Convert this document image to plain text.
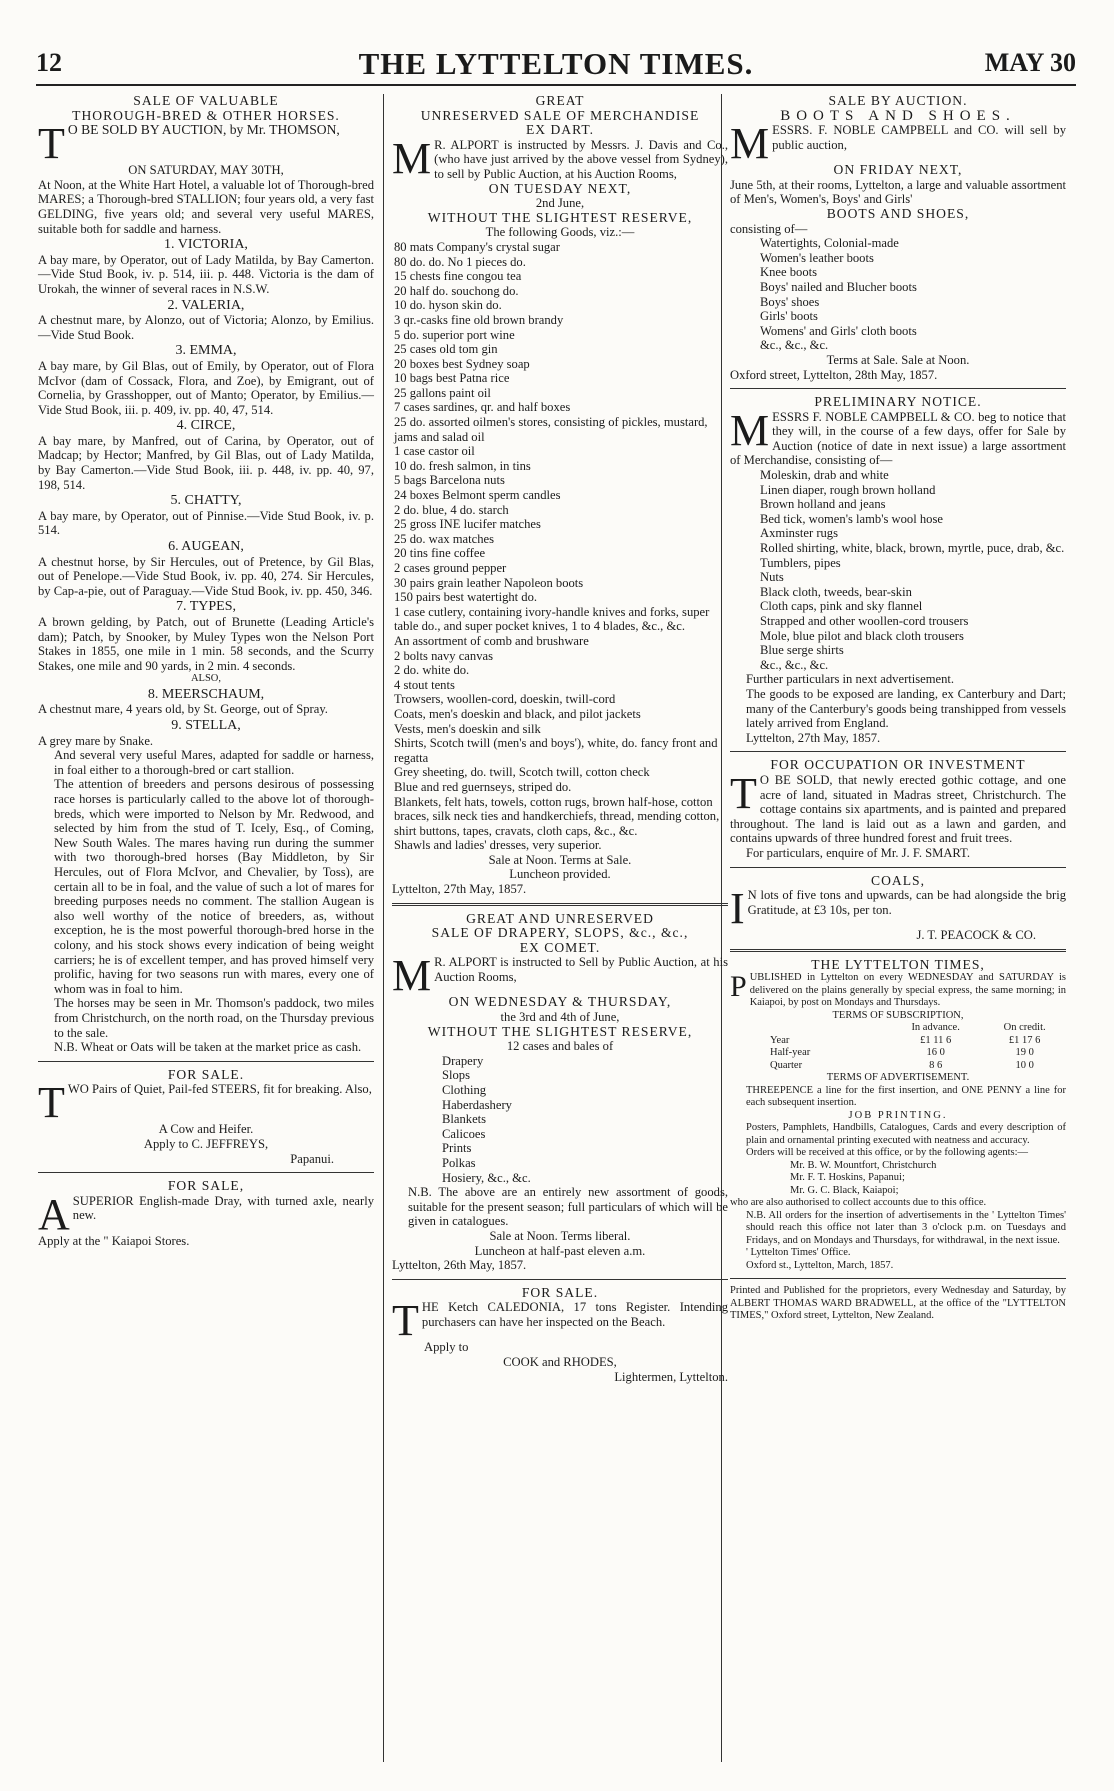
12	THE LYTTELTON TIMES.	MAY 30
SALE OF VALUABLE
THOROUGH-BRED & OTHER HORSES.

T O BE SOLD BY AUCTION, by Mr. THOMSON,

ON SATURDAY, MAY 30TH,

At Noon, at the White Hart Hotel, a valuable lot of Thorough-bred MARES; a Thorough-bred STALLION; four years old, a very fast GELDING, five years old; and several very useful MARES, suitable both for saddle and harness.

1. VICTORIA,

A bay mare, by Operator, out of Lady Matilda, by Bay Camerton.—Vide Stud Book, iv. p. 514, iii. p. 448. Victoria is the dam of Urokah, the winner of several races in N.S.W.

2. VALERIA,

A chestnut mare, by Alonzo, out of Victoria; Alonzo, by Emilius.—Vide Stud Book.

3. EMMA,

A bay mare, by Gil Blas, out of Emily, by Operator, out of Flora McIvor (dam of Cossack, Flora, and Zoe), by Emigrant, out of Cornelia, by Grasshopper, out of Manto; Operator, by Emilius.—Vide Stud Book, iii. p. 409, iv. pp. 40, 47, 514.

4. CIRCE,

A bay mare, by Manfred, out of Carina, by Operator, out of Madcap; by Hector; Manfred, by Gil Blas, out of Lady Matilda, by Bay Camerton.—Vide Stud Book, iii. p. 448, iv. pp. 40, 97, 198, 514.

5. CHATTY,

A bay mare, by Operator, out of Pinnise.—Vide Stud Book, iv. p. 514.

6. AUGEAN,

A chestnut horse, by Sir Hercules, out of Pretence, by Gil Blas, out of Penelope.—Vide Stud Book, iv. pp. 40, 274. Sir Hercules, by Cap-a-pie, out of Paraguay.—Vide Stud Book, iv. pp. 450, 346.

7. TYPES,

A brown gelding, by Patch, out of Brunette (Leading Article's dam); Patch, by Snooker, by Muley Types won the Nelson Port Stakes in 1855, one mile in 1 min. 58 seconds, and the Scurry Stakes, one mile and 90 yards, in 2 min. 4 seconds.

ALSO,
8. MEERSCHAUM,

A chestnut mare, 4 years old, by St. George, out of Spray.

9. STELLA,

A grey mare by Snake.

And several very useful Mares, adapted for saddle or harness, in foal either to a thorough-bred or cart stallion.

The attention of breeders and persons desirous of possessing race horses is particularly called to the above lot of thorough-breds, which were imported to Nelson by Mr. Redwood, and selected by him from the stud of T. Icely, Esq., of Coming, New South Wales. The mares having run during the summer with two thorough-bred horses (Bay Middleton, by Sir Hercules, out of Flora McIvor, and Chevalier, by Toss), are certain all to be in foal, and the value of such a lot of mares for breeding purposes needs no comment. The stallion Augean is also well worthy of the notice of breeders, as, without exception, he is the most powerful thorough-bred horse in the colony, and his stock shows every indication of being weight carriers; he is of excellent temper, and has proved himself very prolific, having for two seasons run with mares, every one of whom was in foal to him.

The horses may be seen in Mr. Thomson's paddock, two miles from Christchurch, on the north road, on the Thursday previous to the sale.

N.B. Wheat or Oats will be taken at the market price as cash.

FOR SALE.

TWO Pairs of Quiet, Pail-fed STEERS, fit for breaking. Also,

A Cow and Heifer.
Apply to C. JEFFREYS,
Papanui.
FOR SALE,

ASUPERIOR English-made Dray, with turned axle, nearly new.

Apply at the " Kaiapoi Stores.
GREAT
UNRESERVED SALE OF MERCHANDISE
EX DART.

M R. ALPORT is instructed by Messrs. J. Davis and Co., (who have just arrived by the above vessel from Sydney), to sell by Public Auction, at his Auction Rooms,

ON TUESDAY NEXT,
2nd June,
WITHOUT THE SLIGHTEST RESERVE,
The following Goods, viz.:—
80 mats Company's crystal sugar
80 do. do. No 1 pieces do.
15 chests fine congou tea
20 half do. souchong do.
10 do. hyson skin do.
3 qr.-casks fine old brown brandy
5 do. superior port wine
25 cases old tom gin
20 boxes best Sydney soap
10 bags best Patna rice
25 gallons paint oil
7 cases sardines, qr. and half boxes
25 do. assorted oilmen's stores, consisting of pickles, mustard, jams and salad oil
1 case castor oil
10 do. fresh salmon, in tins
5 bags Barcelona nuts
24 boxes Belmont sperm candles
2 do. blue, 4 do. starch
25 gross INE lucifer matches
25 do. wax matches
20 tins fine coffee
2 cases ground pepper
30 pairs grain leather Napoleon boots
150 pairs best watertight do.
1 case cutlery, containing ivory-handle knives and forks, super table do., and super pocket knives, 1 to 4 blades, &c., &c.
An assortment of comb and brushware
2 bolts navy canvas
2 do. white do.
4 stout tents
Trowsers, woollen-cord, doeskin, twill-cord
Coats, men's doeskin and black, and pilot jackets
Vests, men's doeskin and silk
Shirts, Scotch twill (men's and boys'), white, do. fancy front and regatta
Grey sheeting, do. twill, Scotch twill, cotton check
Blue and red guernseys, striped do.
Blankets, felt hats, towels, cotton rugs, brown half-hose, cotton braces, silk neck ties and handkerchiefs, thread, mending cotton, shirt buttons, tapes, cravats, cloth caps, &c., &c.
Shawls and ladies' dresses, very superior.
Sale at Noon. Terms at Sale.
Luncheon provided.
Lyttelton, 27th May, 1857.
GREAT AND UNRESERVED
SALE OF DRAPERY, SLOPS, &c., &c.,
EX COMET.

M R. ALPORT is instructed to Sell by Public Auction, at his Auction Rooms,

ON WEDNESDAY & THURSDAY,
the 3rd and 4th of June,
WITHOUT THE SLIGHTEST RESERVE,
12 cases and bales of
Drapery
Slops
Clothing
Haberdashery
Blankets
Calicoes
Prints
Polkas
Hosiery, &c., &c.

N.B. The above are an entirely new assortment of goods, suitable for the present season; full particulars of which will be given in catalogues.

Sale at Noon. Terms liberal.
Luncheon at half-past eleven a.m.
Lyttelton, 26th May, 1857.
FOR SALE.

THE Ketch CALEDONIA, 17 tons Register. Intending purchasers can have her inspected on the Beach.

Apply to
COOK and RHODES,
Lightermen, Lyttelton.
SALE BY AUCTION.
BOOTS AND SHOES.

MESSRS. F. NOBLE CAMPBELL and CO. will sell by public auction,

ON FRIDAY NEXT,

June 5th, at their rooms, Lyttelton, a large and valuable assortment of Men's, Women's, Boys' and Girls'

BOOTS AND SHOES,
consisting of—
Watertights, Colonial-made
Women's leather boots
Knee boots
Boys' nailed and Blucher boots
Boys' shoes
Girls' boots
Womens' and Girls' cloth boots
&c., &c., &c.
Terms at Sale. Sale at Noon.
Oxford street, Lyttelton, 28th May, 1857.
PRELIMINARY NOTICE.

MESSRS F. NOBLE CAMPBELL & CO. beg to notice that they will, in the course of a few days, offer for Sale by Auction (notice of date in next issue) a large assortment of Merchandise, consisting of—

Moleskin, drab and white
Linen diaper, rough brown holland
Brown holland and jeans
Bed tick, women's lamb's wool hose
Axminster rugs
Rolled shirting, white, black, brown, myrtle, puce, drab, &c.
Tumblers, pipes
Nuts
Black cloth, tweeds, bear-skin
Cloth caps, pink and sky flannel
Strapped and other woollen-cord trousers
Mole, blue pilot and black cloth trousers
Blue serge shirts
&c., &c., &c.
Further particulars in next advertisement.

The goods to be exposed are landing, ex Canterbury and Dart; many of the Canterbury's goods being transhipped from vessels lately arrived from England.

Lyttelton, 27th May, 1857.
FOR OCCUPATION OR INVESTMENT

T O BE SOLD, that newly erected gothic cottage, and one acre of land, situated in Madras street, Christchurch. The cottage contains six apartments, and is painted and prepared throughout. The land is laid out as a lawn and garden, and contains upwards of three hundred forest and fruit trees.

For particulars, enquire of Mr. J. F. SMART.

COALS,

I N lots of five tons and upwards, can be had alongside the brig Gratitude, at £3 10s, per ton.

J. T. PEACOCK & CO.
THE LYTTELTON TIMES,

PUBLISHED in Lyttelton on every WEDNESDAY and SATURDAY is delivered on the plains generally by special express, the same morning; in Kaiapoi, by post on Mondays and Thursdays.

TERMS OF SUBSCRIPTION,
	In advance.	On credit.
Year	£1 11 6	£1 17 6
Half-year	16 0	19 0
Quarter	8 6	10 0
TERMS OF ADVERTISEMENT.

THREEPENCE a line for the first insertion, and ONE PENNY a line for each subsequent insertion.

JOB PRINTING.

Posters, Pamphlets, Handbills, Catalogues, Cards and every description of plain and ornamental printing executed with neatness and accuracy.

Orders will be received at this office, or by the following agents:—

Mr. B. W. Mountfort, Christchurch
Mr. F. T. Hoskins, Papanui;
Mr. G. C. Black, Kaiapoi;

who are also authorised to collect accounts due to this office.

N.B. All orders for the insertion of advertisements in the ' Lyttelton Times' should reach this office not later than 3 o'clock p.m. on Tuesdays and Fridays, and on Mondays and Thursdays, for withdrawal, in the next issue.

' Lyttelton Times' Office.
Oxford st., Lyttelton, March, 1857.

Printed and Published for the proprietors, every Wednesday and Saturday, by ALBERT THOMAS WARD BRADWELL, at the office of the "LYTTELTON TIMES," Oxford street, Lyttelton, New Zealand.
